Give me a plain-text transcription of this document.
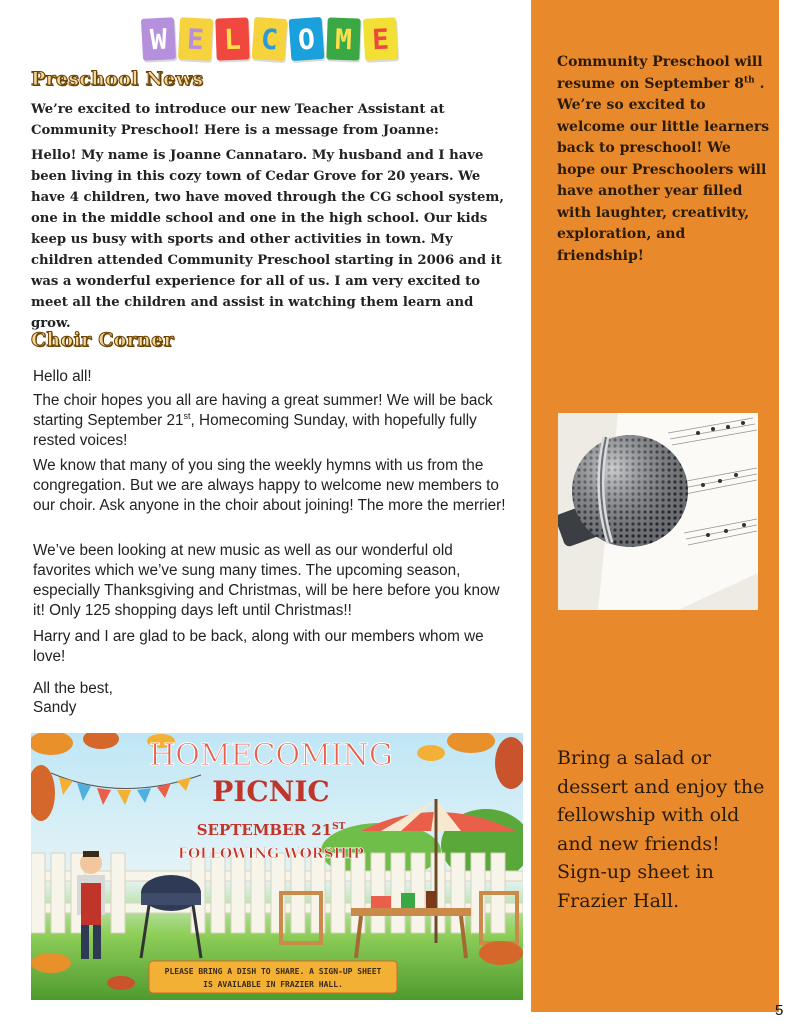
W E L C O M E
Preschool News
We’re excited to introduce our new Teacher Assistant at Community Preschool! Here is a message from Joanne:
Hello! My name is Joanne Cannataro. My husband and I have been living in this cozy town of Cedar Grove for 20 years. We have 4 children, two have moved through the CG school system, one in the middle school and one in the high school. Our kids keep us busy with sports and other activities in town. My children attended Community Preschool starting in 2006 and it was a wonderful experience for all of us. I am very excited to meet all the children and assist in watching them learn and grow.
Choir Corner
Hello all!
The choir hopes you all are having a great summer! We will be back starting September 21st, Homecoming Sunday, with hopefully fully rested voices!
We know that many of you sing the weekly hymns with us from the congregation. But we are always happy to welcome new members to our choir. Ask anyone in the choir about joining! The more the merrier!
We’ve been looking at new music as well as our wonderful old favorites which we’ve sung many times. The upcoming season, especially Thanksgiving and Christmas, will be here before you know it! Only 125 shopping days left until Christmas!!
Harry and I are glad to be back, along with our members whom we love!
All the best,
Sandy
Community Preschool will resume on September 8th .
We’re so excited to welcome our little learners back to preschool! We hope our Preschoolers will have another year filled with laughter, creativity, exploration, and friendship!
Bring a salad or dessert and enjoy the fellowship with old and new friends! Sign-up sheet in Frazier Hall.
HOMECOMING
PICNIC
SEPTEMBER 21ST
FOLLOWING WORSHIP
PLEASE BRING A DISH TO SHARE. A SIGN-UP SHEET
IS AVAILABLE IN FRAZIER HALL.
5
